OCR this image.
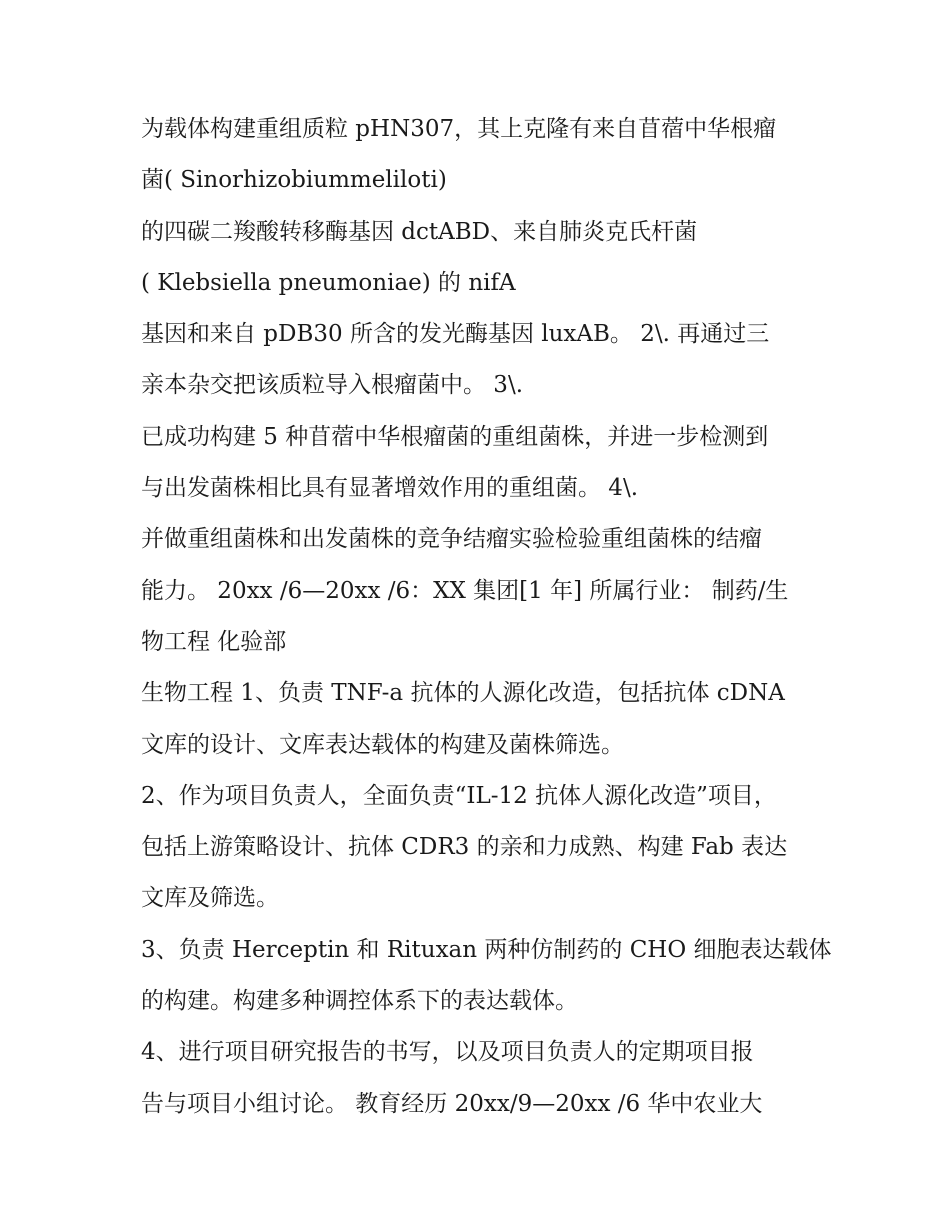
为载体构建重组质粒 pHN307，其上克隆有来自苜蓿中华根瘤
菌( Sinorhizobiummeliloti)
的四碳二羧酸转移酶基因 dctABD、来自肺炎克氏杆菌
( Klebsiella pneumoniae) 的 nifA
基因和来自 pDB30 所含的发光酶基因 luxAB。 2\. 再通过三
亲本杂交把该质粒导入根瘤菌中。 3\.
已成功构建 5 种苜蓿中华根瘤菌的重组菌株，并进一步检测到
与出发菌株相比具有显著增效作用的重组菌。 4\.
并做重组菌株和出发菌株的竞争结瘤实验检验重组菌株的结瘤
能力。 20xx /6—20xx /6：XX 集团[1 年] 所属行业： 制药/生
物工程 化验部
生物工程 1、负责 TNF-a 抗体的人源化改造，包括抗体 cDNA
文库的设计、文库表达载体的构建及菌株筛选。
2、作为项目负责人，全面负责“IL-12 抗体人源化改造”项目，
包括上游策略设计、抗体 CDR3 的亲和力成熟、构建 Fab 表达
文库及筛选。
3、负责 Herceptin 和 Rituxan 两种仿制药的 CHO 细胞表达载体
的构建。构建多种调控体系下的表达载体。
4、进行项目研究报告的书写，以及项目负责人的定期项目报
告与项目小组讨论。 教育经历 20xx/9—20xx /6 华中农业大
